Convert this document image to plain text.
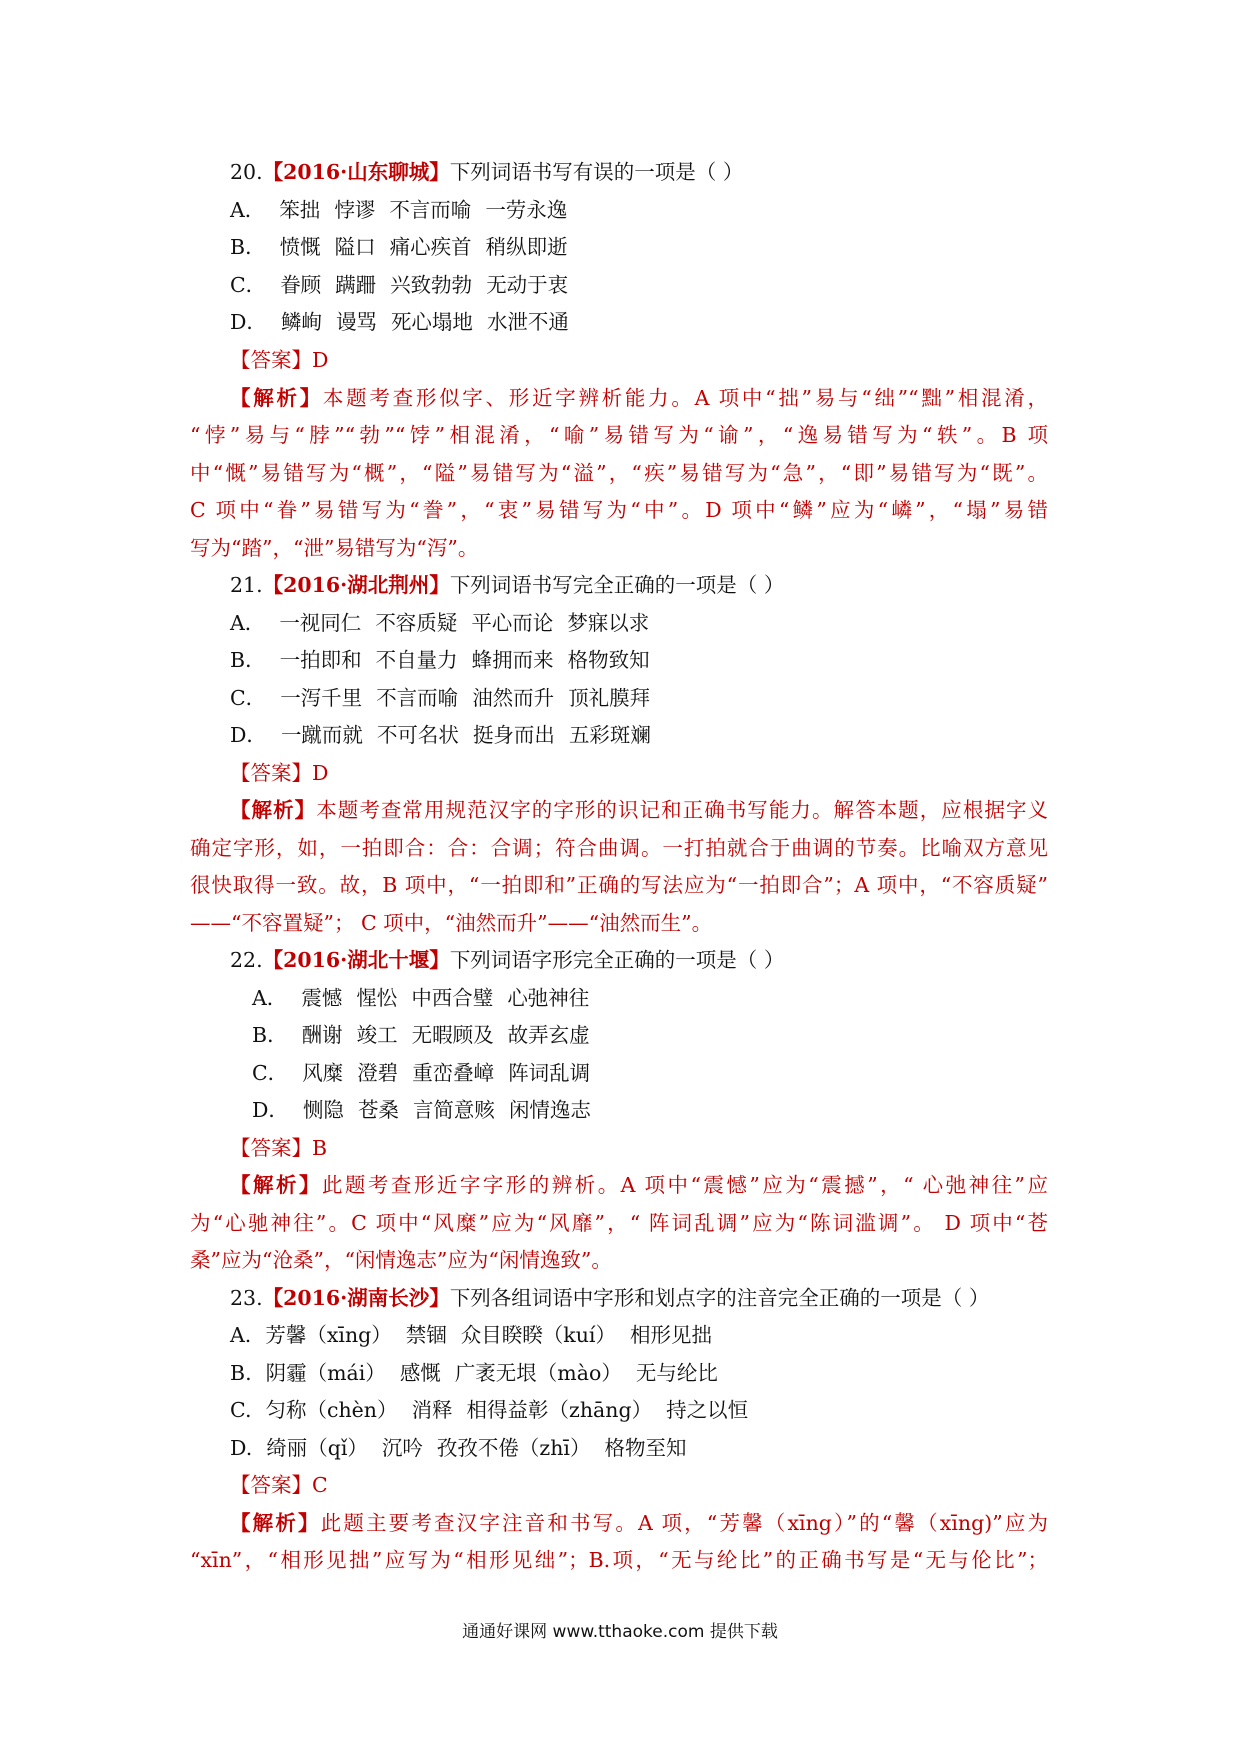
20.【2016·山东聊城】下列词语书写有误的一项是（ ）
A． 笨拙 悖谬 不言而喻 一劳永逸
B． 愤慨 隘口 痛心疾首 稍纵即逝
C． 眷顾 蹒跚 兴致勃勃 无动于衷
D． 鳞峋 谩骂 死心塌地 水泄不通
【答案】D
【解析】本题考查形似字、形近字辨析能力。A 项中“拙”易与“绌”“黜”相混淆，
“悖”易与“脖”“勃”“饽”相混淆，“喻”易错写为“谕”，“逸易错写为“轶”。B 项
中“慨”易错写为“概”，“隘”易错写为“溢”，“疾”易错写为“急”，“即”易错写为“既”。
C 项中“眷”易错写为“誊”，“衷”易错写为“中”。D 项中“鳞”应为“嶙”，“塌”易错
写为“踏”，“泄”易错写为“泻”。
21.【2016·湖北荆州】下列词语书写完全正确的一项是（ ）
A． 一视同仁 不容质疑 平心而论 梦寐以求
B． 一拍即和 不自量力 蜂拥而来 格物致知
C． 一泻千里 不言而喻 油然而升 顶礼膜拜
D． 一蹴而就 不可名状 挺身而出 五彩斑斓
【答案】D
【解析】本题考查常用规范汉字的字形的识记和正确书写能力。解答本题，应根据字义
确定字形，如，一拍即合：合：合调；符合曲调。一打拍就合于曲调的节奏。比喻双方意见
很快取得一致。故，B 项中，“一拍即和”正确的写法应为“一拍即合”；A 项中，“不容质疑”
——“不容置疑”； C 项中，“油然而升”——“油然而生”。
22.【2016·湖北十堰】下列词语字形完全正确的一项是（ ）
A． 震憾 惺忪 中西合璧 心弛神往
B． 酬谢 竣工 无暇顾及 故弄玄虚
C． 风糜 澄碧 重峦叠嶂 阵词乱调
D． 恻隐 苍桑 言简意赅 闲情逸志
【答案】B
【解析】此题考查形近字字形的辨析。A 项中“震憾”应为“震撼”，“ 心弛神往”应
为“心驰神往”。C 项中“风糜”应为“风靡”，“ 阵词乱调”应为“陈词滥调”。 D 项中“苍
桑”应为“沧桑”，“闲情逸志”应为“闲情逸致”。
23.【2016·湖南长沙】下列各组词语中字形和划点字的注音完全正确的一项是（ ）
A. 芳馨（xīng） 禁锢 众目睽睽（kuí） 相形见拙
B. 阴霾（mái） 感慨 广袤无垠（mào） 无与纶比
C. 匀称（chèn） 消释 相得益彰（zhāng） 持之以恒
D. 绮丽（qǐ） 沉吟 孜孜不倦（zhī） 格物至知
【答案】C
【解析】此题主要考查汉字注音和书写。A 项，“芳馨（xīng）”的“馨（xīng)”应为
“xīn”，“相形见拙”应写为“相形见绌”；B.项，“无与纶比”的正确书写是“无与伦比”；
通通好课网 www.tthaoke.com 提供下载
